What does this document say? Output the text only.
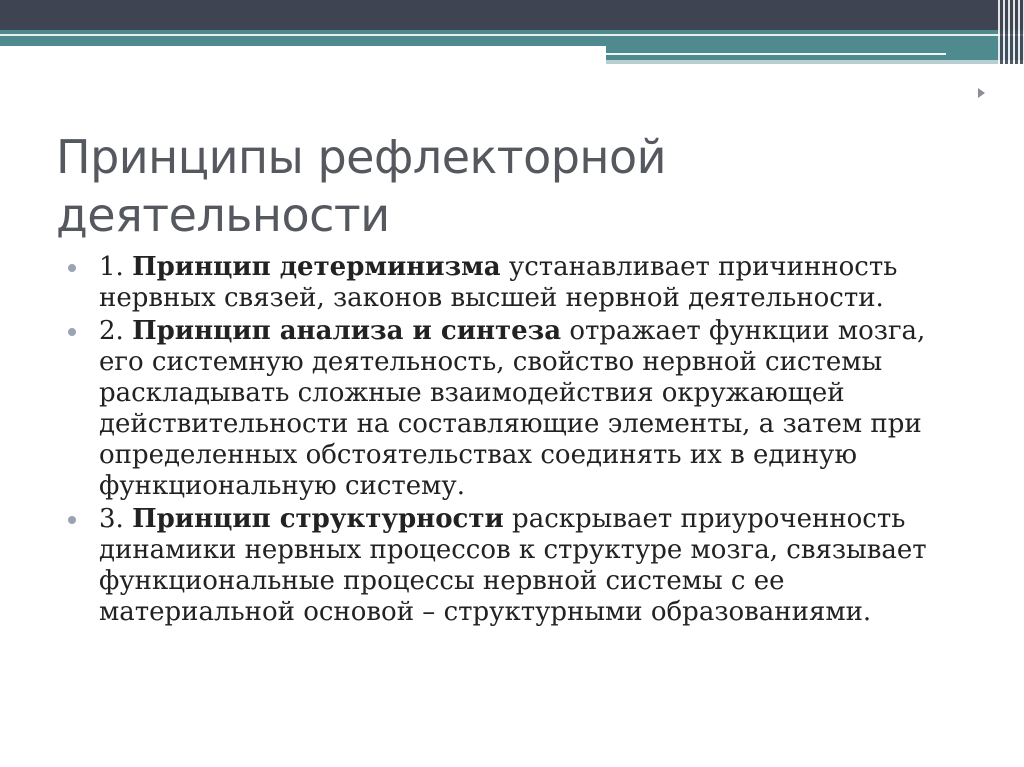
Принципы рефлекторной деятельности
1. Принцип детерминизма устанавливает причинность нервных связей, законов высшей нервной деятельности.
2. Принцип анализа и синтеза отражает функции мозга, его системную деятельность, свойство нервной системы раскладывать сложные взаимодействия окружающей действительности на составляющие элементы, а затем при определенных обстоятельствах соединять их в единую функциональную систему.
3. Принцип структурности раскрывает приуроченность динамики нервных процессов к структуре мозга, связывает функциональные процессы нервной системы с ее материальной основой – структурными образованиями.
